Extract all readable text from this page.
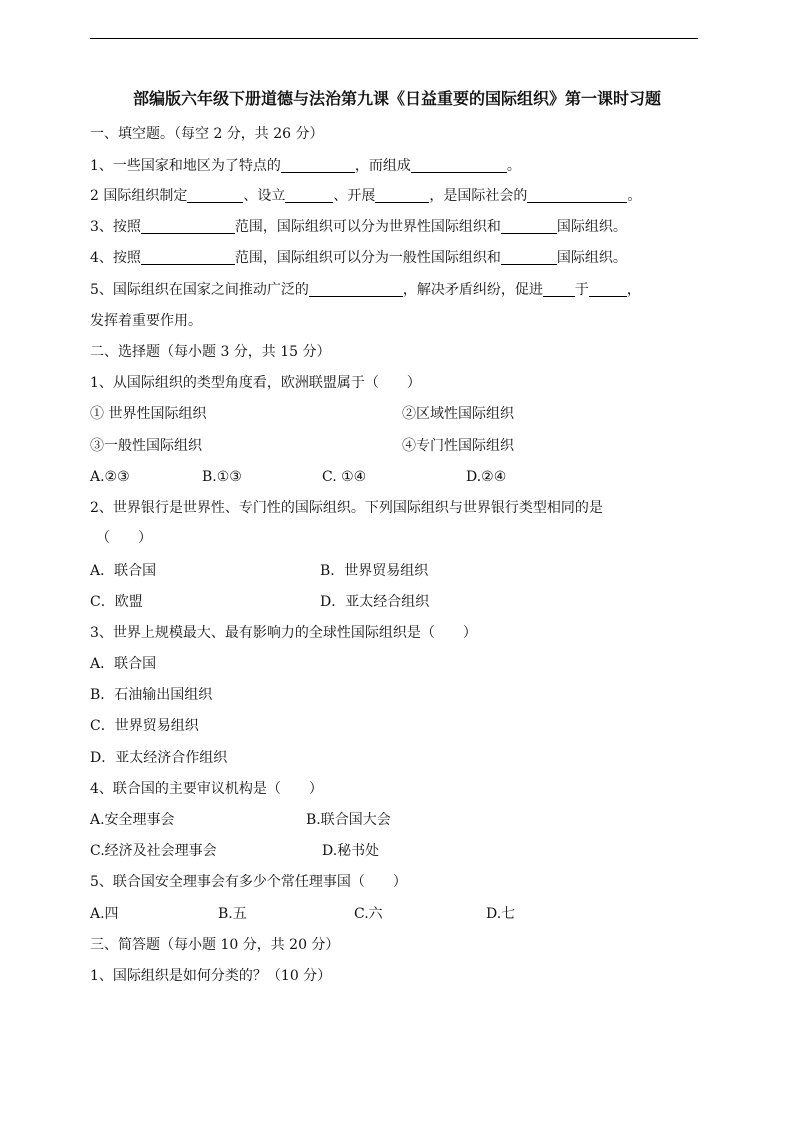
部编版六年级下册道德与法治第九课《日益重要的国际组织》第一课时习题
一、填空题。（每空 2 分，共 26 分）
1、一些国家和地区为了特点的	，而组成	。
2 国际组织制定	、设立	、开展	，是国际社会的	。
3、按照	范围，国际组织可以分为世界性国际组织和	国际组织。
4、按照	范围，国际组织可以分为一般性国际组织和	国际组织。
5、国际组织在国家之间推动广泛的	，解决矛盾纠纷，促进 于	，
发挥着重要作用。
二、选择题（每小题 3 分，共 15 分）
1、从国际组织的类型角度看，欧洲联盟属于（　　）
① 世界性国际组织	②区域性国际组织
③一般性国际组织	④专门性国际组织
A.②③	B.①③	C. ①④	D.②④
2、世界银行是世界性、专门性的国际组织。下列国际组织与世界银行类型相同的是
（　　）
A．联合国	B．世界贸易组织
C．欧盟	D．亚太经合组织
3、世界上规模最大、最有影响力的全球性国际组织是（　　）
A．联合国
B．石油输出国组织
C．世界贸易组织
D．亚太经济合作组织
4、联合国的主要审议机构是（　　）
A.安全理事会	B.联合国大会
C.经济及社会理事会	D.秘书处
5、联合国安全理事会有多少个常任理事国（　　）
A.四	B.五	C.六	D.七
三、简答题（每小题 10 分，共 20 分）
1、国际组织是如何分类的？（10 分）
